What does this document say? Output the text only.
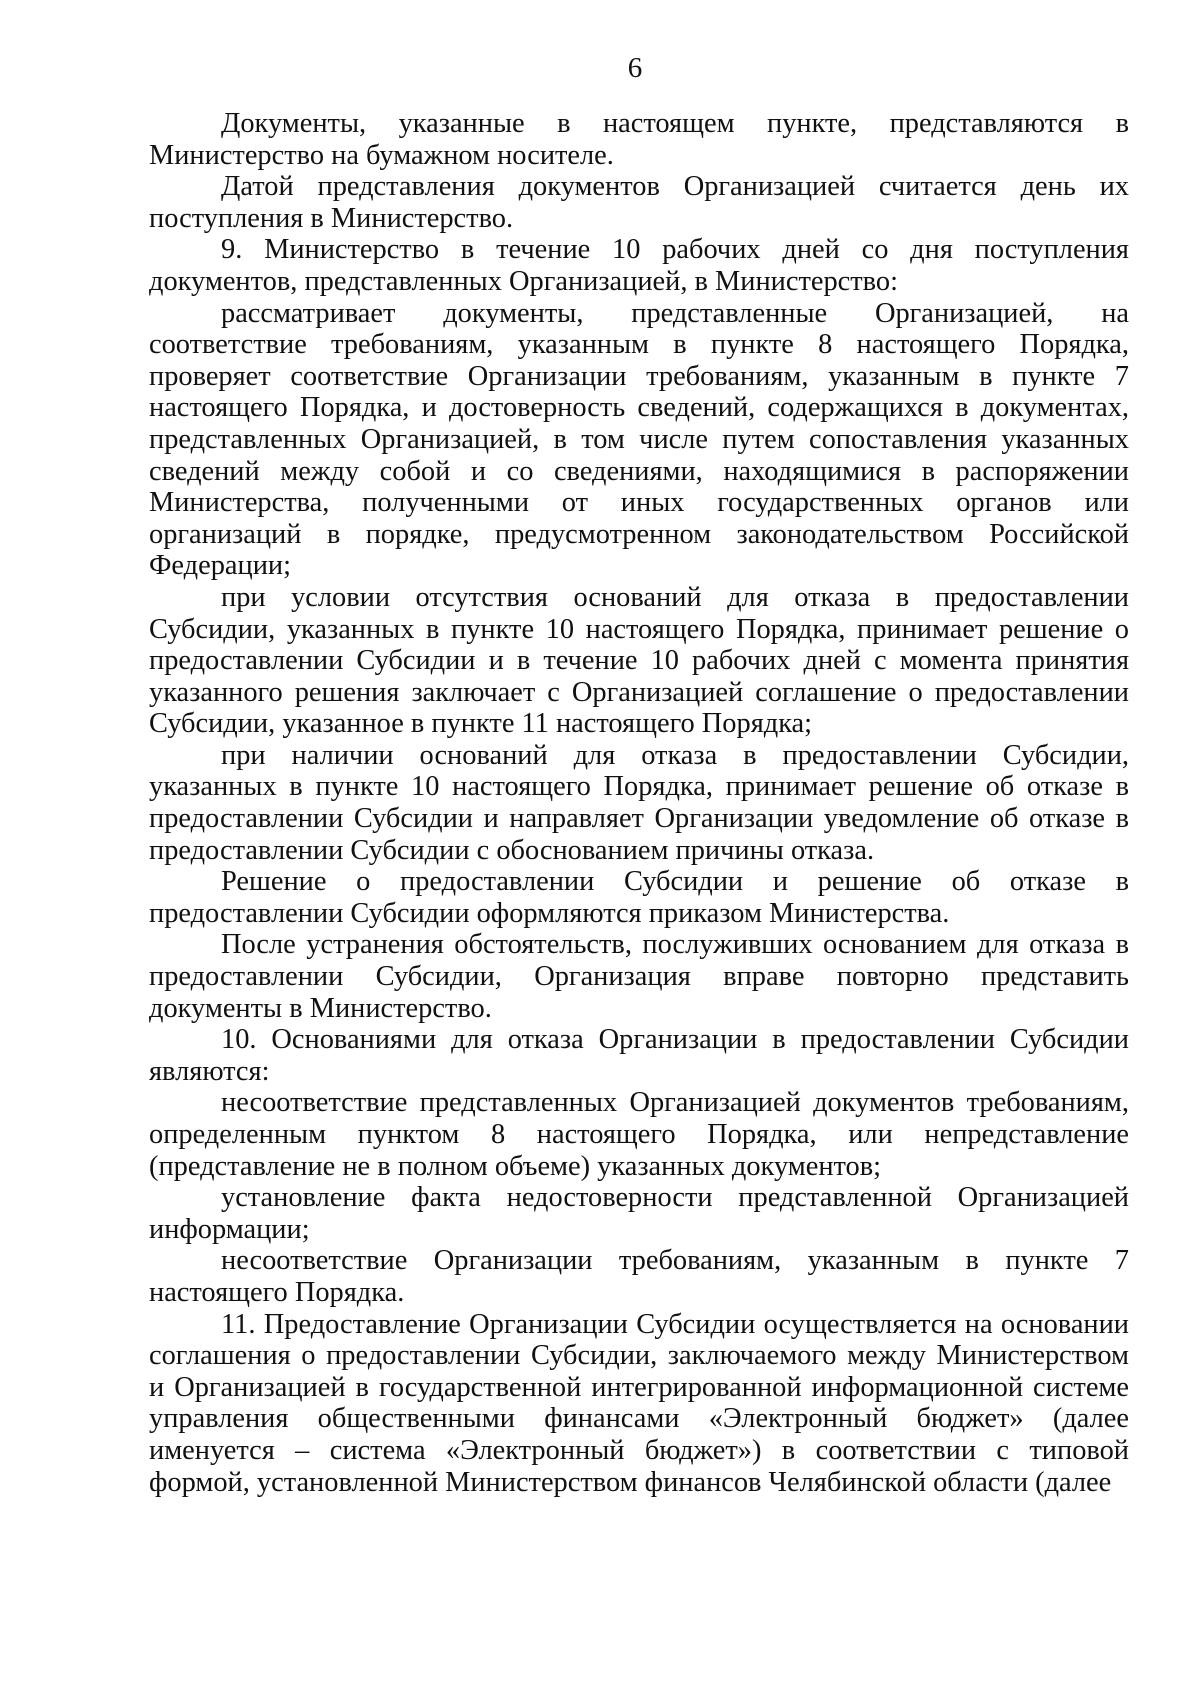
6

Документы, указанные в настоящем пункте, представляются в Министерство на бумажном носителе.

Датой представления документов Организацией считается день их поступления в Министерство.

9. Министерство в течение 10 рабочих дней со дня поступления документов, представленных Организацией, в Министерство:

рассматривает документы, представленные Организацией, на соответствие требованиям, указанным в пункте 8 настоящего Порядка, проверяет соответствие Организации требованиям, указанным в пункте 7 настоящего Порядка, и достоверность сведений, содержащихся в документах, представленных Организацией, в том числе путем сопоставления указанных сведений между собой и со сведениями, находящимися в распоряжении Министерства, полученными от иных государственных органов или организаций в порядке, предусмотренном законодательством Российской Федерации;

при условии отсутствия оснований для отказа в предоставлении Субсидии, указанных в пункте 10 настоящего Порядка, принимает решение о предоставлении Субсидии и в течение 10 рабочих дней с момента принятия указанного решения заключает с Организацией соглашение о предоставлении Субсидии, указанное в пункте 11 настоящего Порядка;

при наличии оснований для отказа в предоставлении Субсидии, указанных в пункте 10 настоящего Порядка, принимает решение об отказе в предоставлении Субсидии и направляет Организации уведомление об отказе в предоставлении Субсидии с обоснованием причины отказа.

Решение о предоставлении Субсидии и решение об отказе в предоставлении Субсидии оформляются приказом Министерства.

После устранения обстоятельств, послуживших основанием для отказа в предоставлении Субсидии, Организация вправе повторно представить документы в Министерство.

10. Основаниями для отказа Организации в предоставлении Субсидии являются:

несоответствие представленных Организацией документов требованиям, определенным пунктом 8 настоящего Порядка, или непредставление (представление не в полном объеме) указанных документов;

установление факта недостоверности представленной Организацией информации;

несоответствие Организации требованиям, указанным в пункте 7 настоящего Порядка.

11. Предоставление Организации Субсидии осуществляется на основании соглашения о предоставлении Субсидии, заключаемого между Министерством и Организацией в государственной интегрированной информационной системе управления общественными финансами «Электронный бюджет» (далее именуется – система «Электронный бюджет») в соответствии с типовой формой, установленной Министерством финансов Челябинской области (далее
